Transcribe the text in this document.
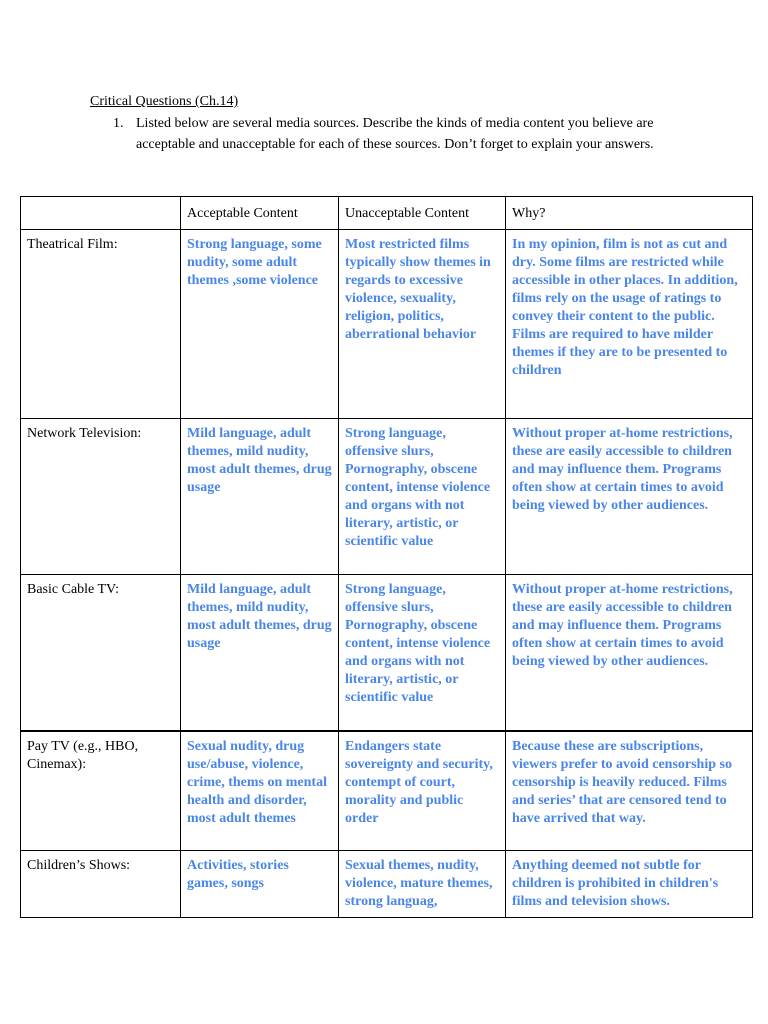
Critical Questions (Ch.14)
1. Listed below are several media sources. Describe the kinds of media content you believe are acceptable and unacceptable for each of these sources. Don’t forget to explain your answers.
	Acceptable Content	Unacceptable Content	Why?
Theatrical Film:	Strong language, some nudity, some adult themes ,some violence	Most restricted films typically show themes in regards to excessive violence, sexuality, religion, politics, aberrational behavior	In my opinion, film is not as cut and dry. Some films are restricted while accessible in other places. In addition, films rely on the usage of ratings to convey their content to the public. Films are required to have milder themes if they are to be presented to children
Network Television:	Mild language, adult themes, mild nudity, most adult themes, drug usage	Strong language, offensive slurs, Pornography, obscene content, intense violence and organs with not literary, artistic, or scientific value	Without proper at-home restrictions, these are easily accessible to children and may influence them. Programs often show at certain times to avoid being viewed by other audiences.
Basic Cable TV:	Mild language, adult themes, mild nudity, most adult themes, drug usage	Strong language, offensive slurs, Pornography, obscene content, intense violence and organs with not literary, artistic, or scientific value	Without proper at-home restrictions, these are easily accessible to children and may influence them. Programs often show at certain times to avoid being viewed by other audiences.
Pay TV (e.g., HBO, Cinemax):	Sexual nudity, drug use/abuse, violence, crime, thems on mental health and disorder, most adult themes	Endangers state sovereignty and security, contempt of court, morality and public order	Because these are subscriptions, viewers prefer to avoid censorship so censorship is heavily reduced. Films and series’ that are censored tend to have arrived that way.
Children’s Shows:	Activities, stories games, songs	Sexual themes, nudity, violence, mature themes, strong languag,	Anything deemed not subtle for children is prohibited in children's films and television shows.
